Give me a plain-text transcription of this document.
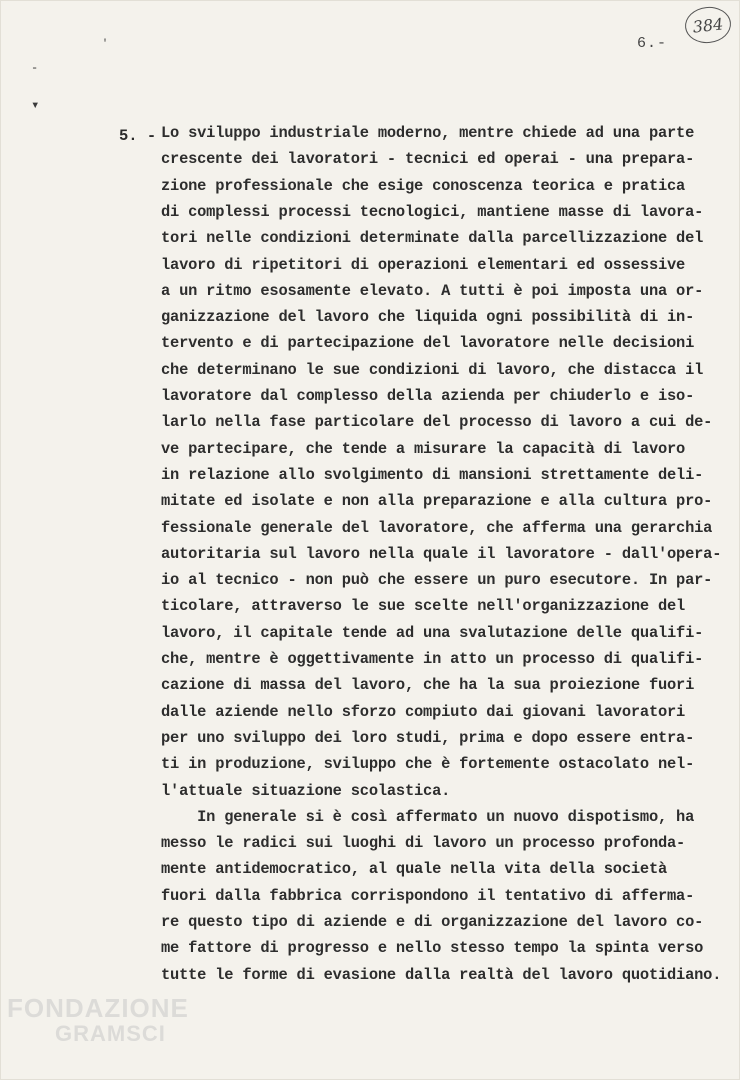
'
-
▾
6.-
384
5. - Lo sviluppo industriale moderno, mentre chiede ad una parte
crescente dei lavoratori - tecnici ed operai - una prepara-
zione professionale che esige conoscenza teorica e pratica
di complessi processi tecnologici, mantiene masse di lavora-
tori nelle condizioni determinate dalla parcellizzazione del
lavoro di ripetitori di operazioni elementari ed ossessive
a un ritmo esosamente elevato. A tutti è poi imposta una or-
ganizzazione del lavoro che liquida ogni possibilità di in-
tervento e di partecipazione del lavoratore nelle decisioni
che determinano le sue condizioni di lavoro, che distacca il
lavoratore dal complesso della azienda per chiuderlo e iso-
larlo nella fase particolare del processo di lavoro a cui de-
ve partecipare, che tende a misurare la capacità di lavoro
in relazione allo svolgimento di mansioni strettamente deli-
mitate ed isolate e non alla preparazione e alla cultura pro-
fessionale generale del lavoratore, che afferma una gerarchia
autoritaria sul lavoro nella quale il lavoratore - dall'opera-
io al tecnico - non può che essere un puro esecutore. In par-
ticolare, attraverso le sue scelte nell'organizzazione del
lavoro, il capitale tende ad una svalutazione delle qualifi-
che, mentre è oggettivamente in atto un processo di qualifi-
cazione di massa del lavoro, che ha la sua proiezione fuori
dalle aziende nello sforzo compiuto dai giovani lavoratori
per uno sviluppo dei loro studi, prima e dopo essere entra-
ti in produzione, sviluppo che è fortemente ostacolato nel-
l'attuale situazione scolastica.
In generale si è così affermato un nuovo dispotismo, ha
messo le radici sui luoghi di lavoro un processo profonda-
mente antidemocratico, al quale nella vita della società
fuori dalla fabbrica corrispondono il tentativo di afferma-
re questo tipo di aziende e di organizzazione del lavoro co-
me fattore di progresso e nello stesso tempo la spinta verso
tutte le forme di evasione dalla realtà del lavoro quotidiano.
FONDAZIONE
GRAMSCI
